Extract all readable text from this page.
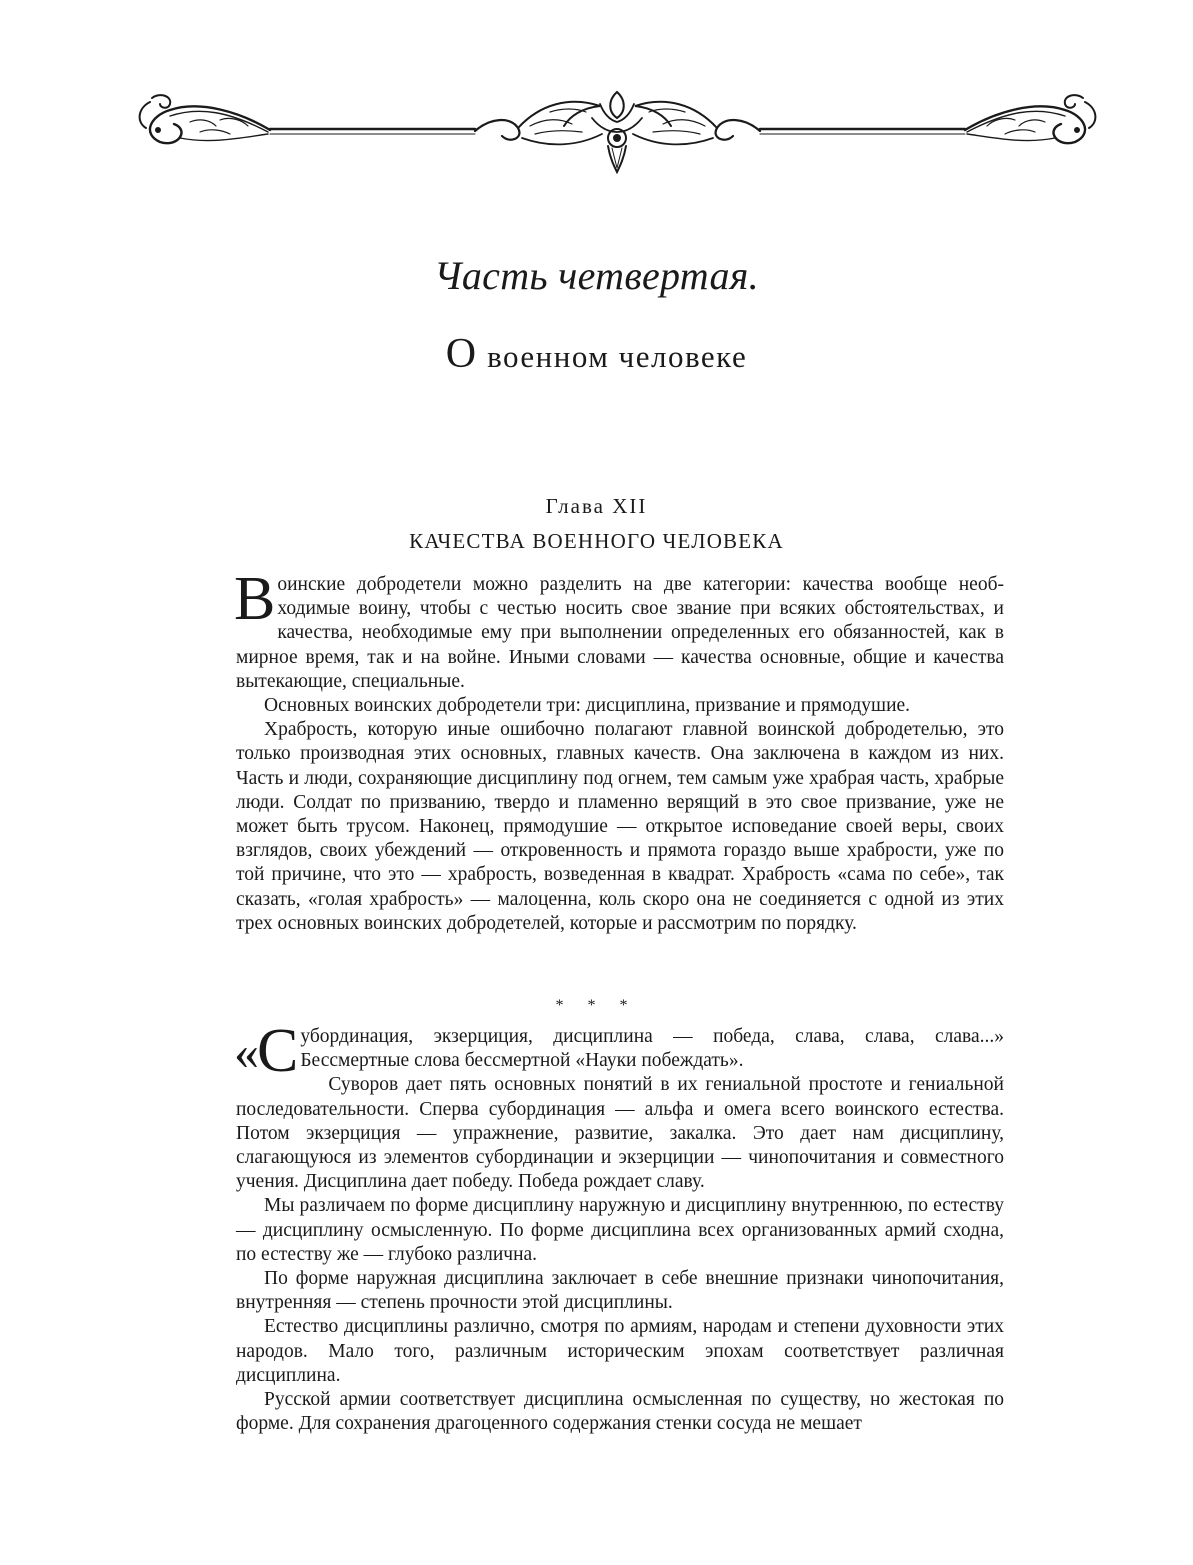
Часть четвертая.
О военном человеке
Глава XII
КАЧЕСТВА ВОЕННОГО ЧЕЛОВЕКА

Воинские добродетели можно разделить на две категории: качества вообще необходимые воину, чтобы с честью носить свое звание при всяких обстоятельствах, и качества, необходимые ему при выполнении определенных его обязанностей, как в мирное время, так и на войне. Иными словами — качества основные, общие и качества вытекающие, специальные.

Основных воинских добродетели три: дисциплина, призвание и прямодушие.

Храбрость, которую иные ошибочно полагают главной воинской добродетелью, это только производная этих основных, главных качеств. Она заключена в каждом из них. Часть и люди, сохраняющие дисциплину под огнем, тем самым уже храбрая часть, храбрые люди. Солдат по призванию, твердо и пламенно верящий в это свое призвание, уже не может быть трусом. Наконец, прямодушие — открытое исповедание своей веры, своих взглядов, своих убеждений — откровенность и прямота гораздо выше храбрости, уже по той причине, что это — храбрость, возведенная в квадрат. Храбрость «сама по себе», так сказать, «голая храбрость» — малоценна, коль скоро она не соединяется с одной из этих трех основных воинских добродетелей, которые и рассмотрим по порядку.

* * *

«С убординация, экзерциция, дисциплина — победа, слава, слава, слава...» Бессмертные слова бессмертной «Науки побеждать».

Суворов дает пять основных понятий в их гениальной простоте и гениальной последовательности. Сперва субординация — альфа и омега всего воинского естества. Потом экзерциция — упражнение, развитие, закалка. Это дает нам дисциплину, слагающуюся из элементов субординации и экзерциции — чинопочитания и совместного учения. Дисциплина дает победу. Победа рождает славу.

Мы различаем по форме дисциплину наружную и дисциплину внутреннюю, по естеству — дисциплину осмысленную. По форме дисциплина всех организованных армий сходна, по естеству же — глубоко различна.

По форме наружная дисциплина заключает в себе внешние признаки чинопочитания, внутренняя — степень прочности этой дисциплины.

Естество дисциплины различно, смотря по армиям, народам и степени духовности этих народов. Мало того, различным историческим эпохам соответствует различная дисциплина.

Русской армии соответствует дисциплина осмысленная по существу, но жестокая по форме. Для сохранения драгоценного содержания стенки сосуда не мешает
